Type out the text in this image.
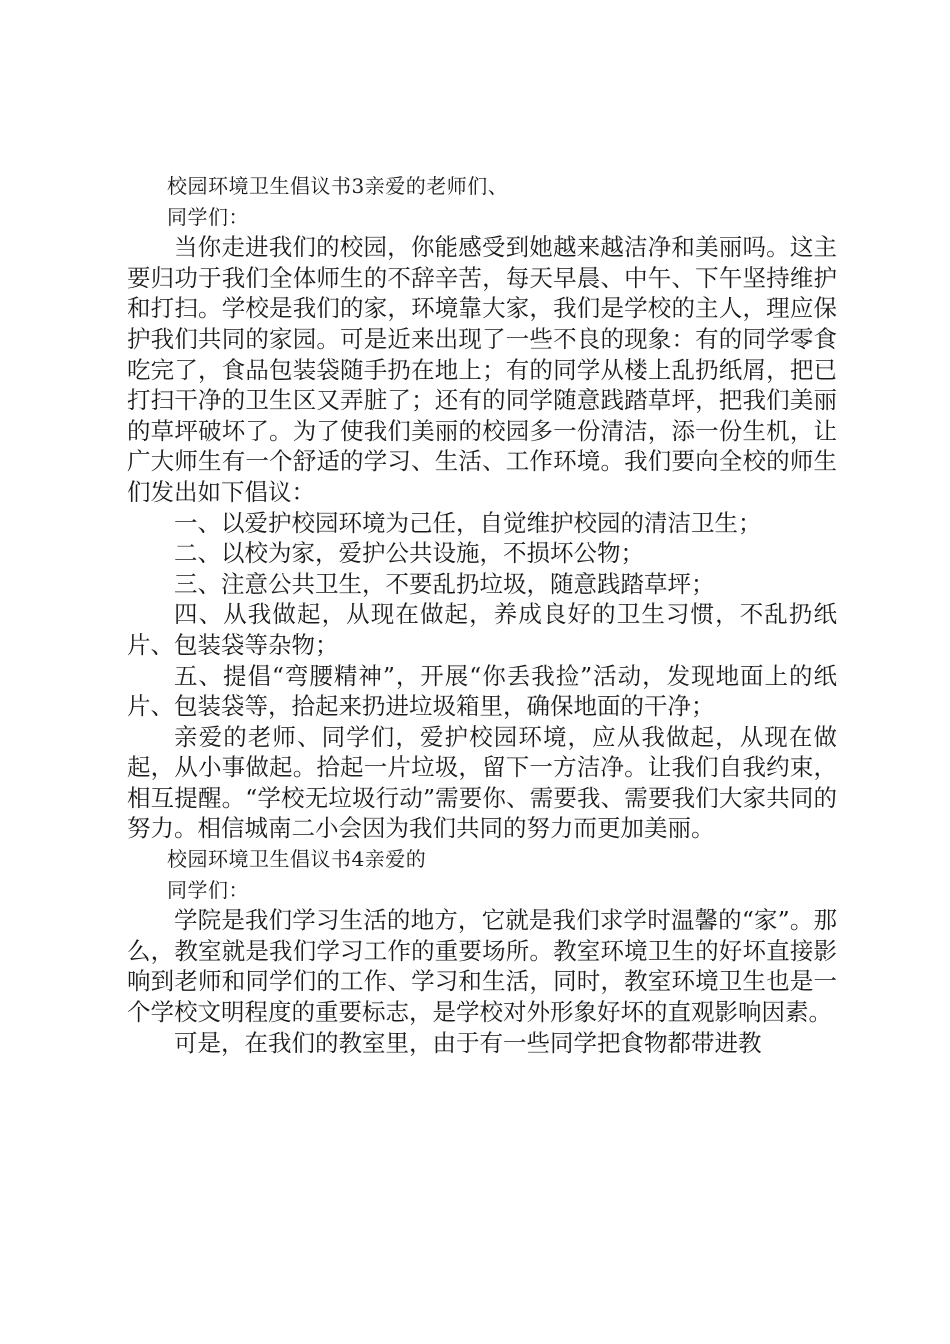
校园环境卫生倡议书3亲爱的老师们、

同学们：

当你走进我们的校园，你能感受到她越来越洁净和美丽吗。这主要归功于我们全体师生的不辞辛苦，每天早晨、中午、下午坚持维护和打扫。学校是我们的家，环境靠大家，我们是学校的主人，理应保护我们共同的家园。可是近来出现了一些不良的现象：有的同学零食吃完了，食品包装袋随手扔在地上；有的同学从楼上乱扔纸屑，把已打扫干净的卫生区又弄脏了；还有的同学随意践踏草坪，把我们美丽的草坪破坏了。为了使我们美丽的校园多一份清洁，添一份生机，让广大师生有一个舒适的学习、生活、工作环境。我们要向全校的师生们发出如下倡议：

一、以爱护校园环境为己任，自觉维护校园的清洁卫生；

二、以校为家，爱护公共设施，不损坏公物；

三、注意公共卫生，不要乱扔垃圾，随意践踏草坪；

四、从我做起，从现在做起，养成良好的卫生习惯，不乱扔纸片、包装袋等杂物；

五、提倡“弯腰精神”，开展“你丢我捡”活动，发现地面上的纸片、包装袋等，拾起来扔进垃圾箱里，确保地面的干净；

亲爱的老师、同学们，爱护校园环境，应从我做起，从现在做起，从小事做起。拾起一片垃圾，留下一方洁净。让我们自我约束，相互提醒。“学校无垃圾行动”需要你、需要我、需要我们大家共同的努力。相信城南二小会因为我们共同的努力而更加美丽。

校园环境卫生倡议书4亲爱的

同学们：

学院是我们学习生活的地方，它就是我们求学时温馨的“家”。那么，教室就是我们学习工作的重要场所。教室环境卫生的好坏直接影响到老师和同学们的工作、学习和生活，同时，教室环境卫生也是一个学校文明程度的重要标志，是学校对外形象好坏的直观影响因素。

可是，在我们的教室里，由于有一些同学把食物都带进教
